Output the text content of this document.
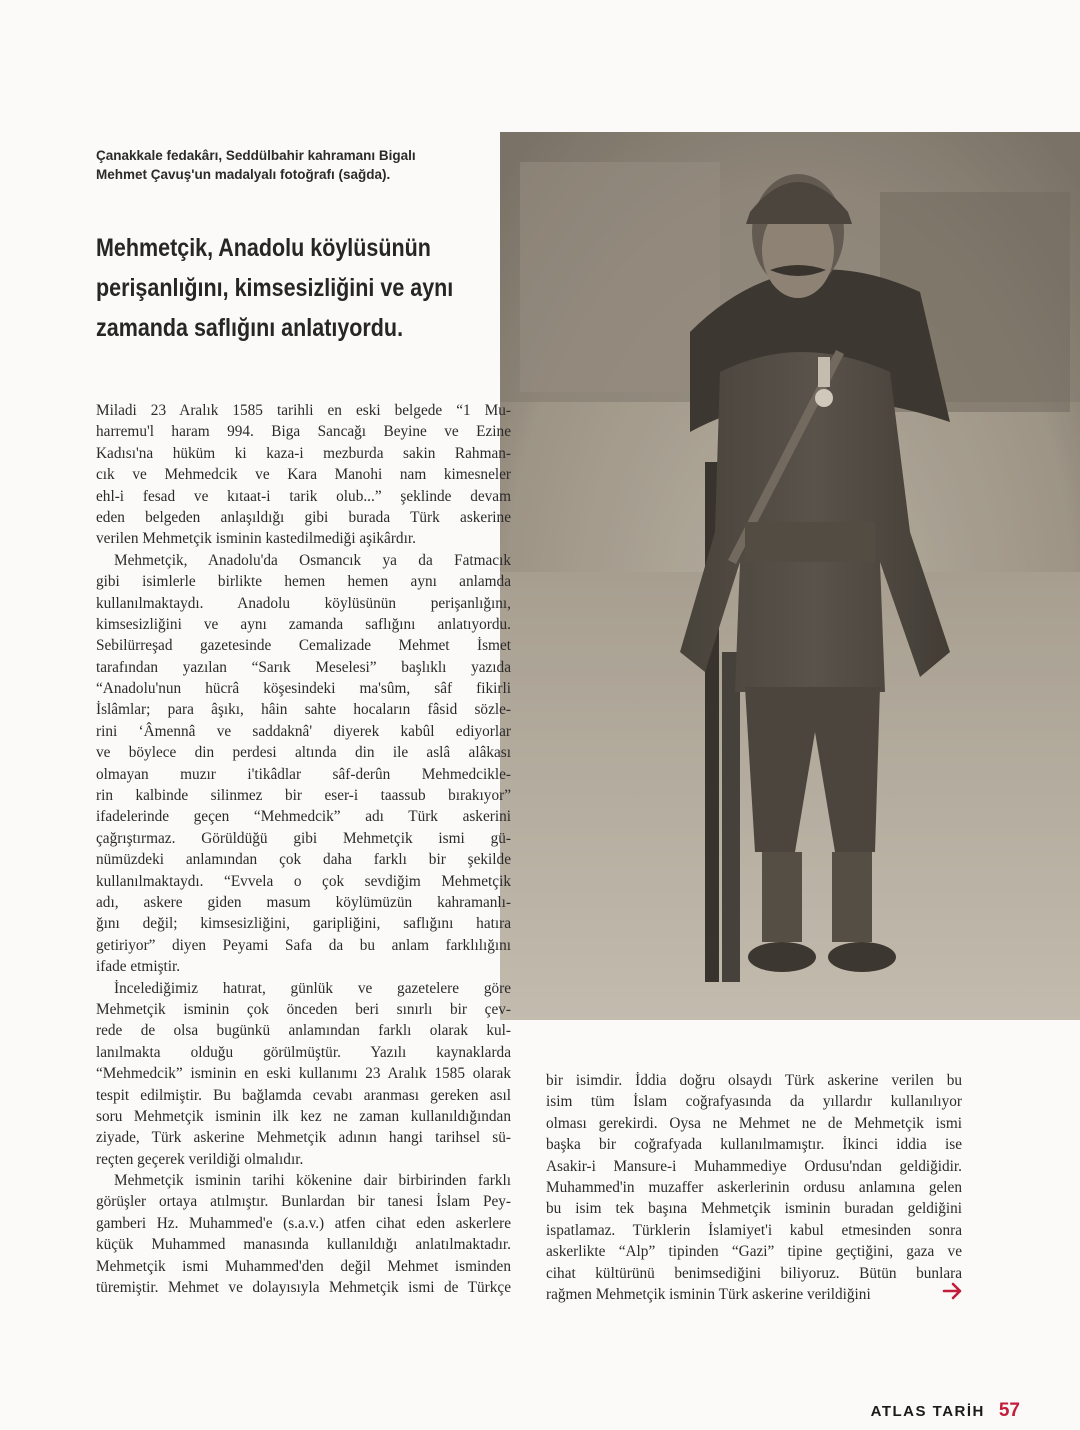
Çanakkale fedakârı, Seddülbahir kahramanı Bigalı
Mehmet Çavuş'un madalyalı fotoğrafı (sağda).
Mehmetçik, Anadolu köylüsünün
perişanlığını, kimsesizliğini ve aynı
zamanda saflığını anlatıyordu.
Miladi 23 Aralık 1585 tarihli en eski belgede “1 Mu-
harremu'l haram 994. Biga Sancağı Beyine ve Ezine
Kadısı'na hüküm ki kaza-i mezburda sakin Rahman-
cık ve Mehmedcik ve Kara Manohi nam kimesneler
ehl-i fesad ve kıtaat-i tarik olub...” şeklinde devam
eden belgeden anlaşıldığı gibi burada Türk askerine
verilen Mehmetçik isminin kastedilmediği aşikârdır.
Mehmetçik, Anadolu'da Osmancık ya da Fatmacık
gibi isimlerle birlikte hemen hemen aynı anlamda
kullanılmaktaydı. Anadolu köylüsünün perişanlığını,
kimsesizliğini ve aynı zamanda saflığını anlatıyordu.
Sebilürreşad gazetesinde Cemalizade Mehmet İsmet
tarafından yazılan “Sarık Meselesi” başlıklı yazıda
“Anadolu'nun hücrâ köşesindeki ma'sûm, sâf fikirli
İslâmlar; para âşıkı, hâin sahte hocaların fâsid sözle-
rini ‘Âmennâ ve saddaknâ' diyerek kabûl ediyorlar
ve böylece din perdesi altında din ile aslâ alâkası
olmayan muzır i'tikâdlar sâf-derûn Mehmedcikle-
rin kalbinde silinmez bir eser-i taassub bırakıyor”
ifadelerinde geçen “Mehmedcik” adı Türk askerini
çağrıştırmaz. Görüldüğü gibi Mehmetçik ismi gü-
nümüzdeki anlamından çok daha farklı bir şekilde
kullanılmaktaydı. “Evvela o çok sevdiğim Mehmetçik
adı, askere giden masum köylümüzün kahramanlı-
ğını değil; kimsesizliğini, garipliğini, saflığını hatıra
getiriyor” diyen Peyami Safa da bu anlam farklılığını
ifade etmiştir.
İncelediğimiz hatırat, günlük ve gazetelere göre
Mehmetçik isminin çok önceden beri sınırlı bir çev-
rede de olsa bugünkü anlamından farklı olarak kul-
lanılmakta olduğu görülmüştür. Yazılı kaynaklarda
“Mehmedcik” isminin en eski kullanımı 23 Aralık 1585 olarak
tespit edilmiştir. Bu bağlamda cevabı aranması gereken asıl
soru Mehmetçik isminin ilk kez ne zaman kullanıldığından
ziyade, Türk askerine Mehmetçik adının hangi tarihsel sü-
reçten geçerek verildiği olmalıdır.
Mehmetçik isminin tarihi kökenine dair birbirinden farklı
görüşler ortaya atılmıştır. Bunlardan bir tanesi İslam Pey-
gamberi Hz. Muhammed'e (s.a.v.) atfen cihat eden askerlere
küçük Muhammed manasında kullanıldığı anlatılmaktadır.
Mehmetçik ismi Muhammed'den değil Mehmet isminden
türemiştir. Mehmet ve dolayısıyla Mehmetçik ismi de Türkçe
bir isimdir. İddia doğru olsaydı Türk askerine verilen bu
isim tüm İslam coğrafyasında da yıllardır kullanılıyor
olması gerekirdi. Oysa ne Mehmet ne de Mehmetçik ismi
başka bir coğrafyada kullanılmamıştır. İkinci iddia ise
Asakir-i Mansure-i Muhammediye Ordusu'ndan geldiğidir.
Muhammed'in muzaffer askerlerinin ordusu anlamına gelen
bu isim tek başına Mehmetçik isminin buradan geldiğini
ispatlamaz. Türklerin İslamiyet'i kabul etmesinden sonra
askerlikte “Alp” tipinden “Gazi” tipine geçtiğini, gaza ve
cihat kültürünü benimsediğini biliyoruz. Bütün bunlara
rağmen Mehmetçik isminin Türk askerine verildiğini
ATLAS TARİH 57
